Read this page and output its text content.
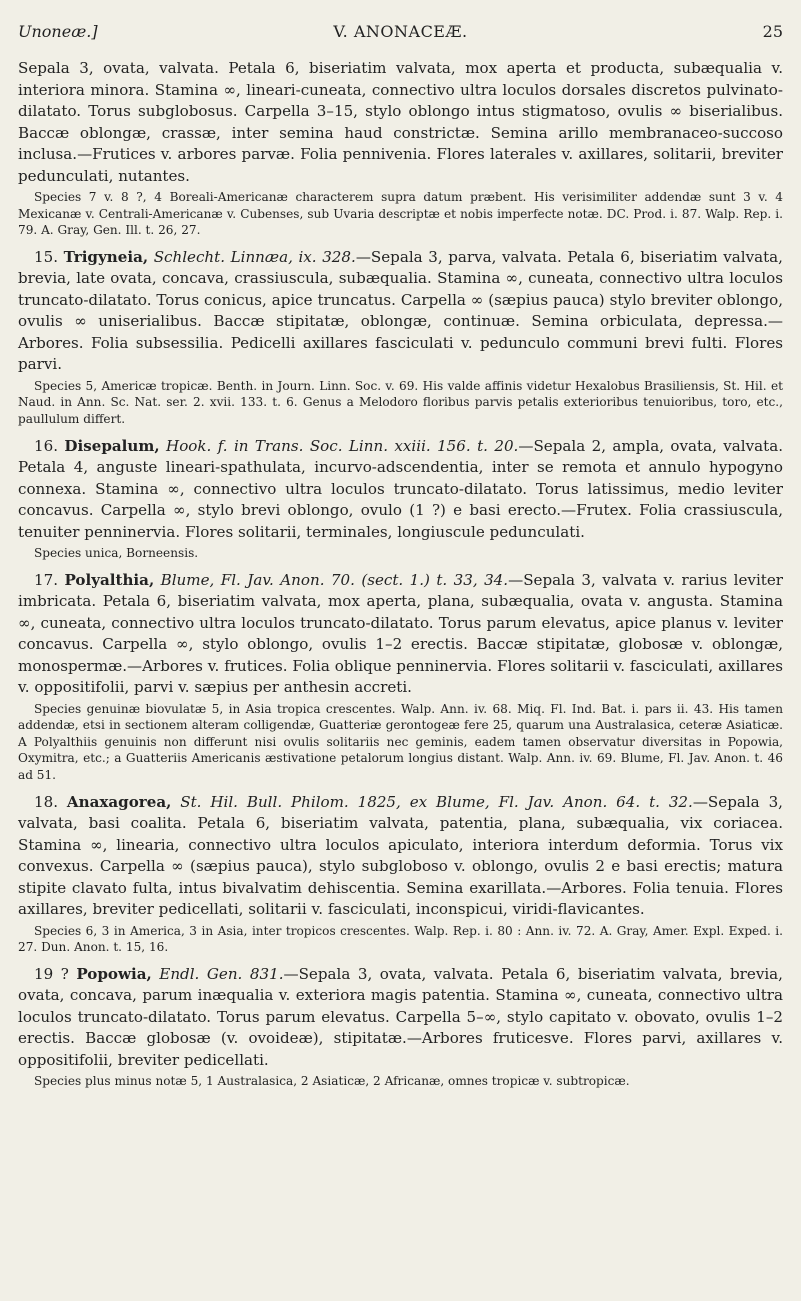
Unoneæ.]	V. ANONACEÆ.	25

Sepala 3, ovata, valvata. Petala 6, biseriatim valvata, mox aperta et producta, subæqualia v. interiora minora. Stamina ∞, lineari-cuneata, connectivo ultra loculos dorsales discretos pulvinato-dilatato. Torus subglobosus. Carpella 3–15, stylo oblongo intus stigmatoso, ovulis ∞ biserialibus. Baccæ oblongæ, crassæ, inter semina haud constrictæ. Semina arillo membranaceo-succoso inclusa.—Frutices v. arbores parvæ. Folia pennivenia. Flores laterales v. axillares, solitarii, breviter pedunculati, nutantes.

Species 7 v. 8 ?, 4 Boreali-Americanæ characterem supra datum præbent. His verisimiliter addendæ sunt 3 v. 4 Mexicanæ v. Centrali-Americanæ v. Cubenses, sub Uvaria descriptæ et nobis imperfecte notæ. DC. Prod. i. 87. Walp. Rep. i. 79. A. Gray, Gen. Ill. t. 26, 27.

15. Trigyneia, Schlecht. Linnæa, ix. 328.—Sepala 3, parva, valvata. Petala 6, biseriatim valvata, brevia, late ovata, concava, crassiuscula, subæqualia. Stamina ∞, cuneata, connectivo ultra loculos truncato-dilatato. Torus conicus, apice truncatus. Carpella ∞ (sæpius pauca) stylo breviter oblongo, ovulis ∞ uniserialibus. Baccæ stipitatæ, oblongæ, continuæ. Semina orbiculata, depressa.—Arbores. Folia subsessilia. Pedicelli axillares fasciculati v. pedunculo communi brevi fulti. Flores parvi.

Species 5, Americæ tropicæ. Benth. in Journ. Linn. Soc. v. 69. His valde affinis videtur Hexalobus Brasiliensis, St. Hil. et Naud. in Ann. Sc. Nat. ser. 2. xvii. 133. t. 6. Genus a Melodoro floribus parvis petalis exterioribus tenuioribus, toro, etc., paullulum differt.

16. Disepalum, Hook. f. in Trans. Soc. Linn. xxiii. 156. t. 20.—Sepala 2, ampla, ovata, valvata. Petala 4, anguste lineari-spathulata, incurvo-adscendentia, inter se remota et annulo hypogyno connexa. Stamina ∞, connectivo ultra loculos truncato-dilatato. Torus latissimus, medio leviter concavus. Carpella ∞, stylo brevi oblongo, ovulo (1 ?) e basi erecto.—Frutex. Folia crassiuscula, tenuiter penninervia. Flores solitarii, terminales, longiuscule pedunculati.

Species unica, Borneensis.

17. Polyalthia, Blume, Fl. Jav. Anon. 70. (sect. 1.) t. 33, 34.—Sepala 3, valvata v. rarius leviter imbricata. Petala 6, biseriatim valvata, mox aperta, plana, subæqualia, ovata v. angusta. Stamina ∞, cuneata, connectivo ultra loculos truncato-dilatato. Torus parum elevatus, apice planus v. leviter concavus. Carpella ∞, stylo oblongo, ovulis 1–2 erectis. Baccæ stipitatæ, globosæ v. oblongæ, monospermæ.—Arbores v. frutices. Folia oblique penninervia. Flores solitarii v. fasciculati, axillares v. oppositifolii, parvi v. sæpius per anthesin accreti.

Species genuinæ biovulatæ 5, in Asia tropica crescentes. Walp. Ann. iv. 68. Miq. Fl. Ind. Bat. i. pars ii. 43. His tamen addendæ, etsi in sectionem alteram colligendæ, Guatteriæ gerontogeæ fere 25, quarum una Australasica, ceteræ Asiaticæ. A Polyalthiis genuinis non differunt nisi ovulis solitariis nec geminis, eadem tamen observatur diversitas in Popowia, Oxymitra, etc.; a Guatteriis Americanis æstivatione petalorum longius distant. Walp. Ann. iv. 69. Blume, Fl. Jav. Anon. t. 46 ad 51.

18. Anaxagorea, St. Hil. Bull. Philom. 1825, ex Blume, Fl. Jav. Anon. 64. t. 32.—Sepala 3, valvata, basi coalita. Petala 6, biseriatim valvata, patentia, plana, subæqualia, vix coriacea. Stamina ∞, linearia, connectivo ultra loculos apiculato, interiora interdum deformia. Torus vix convexus. Carpella ∞ (sæpius pauca), stylo subgloboso v. oblongo, ovulis 2 e basi erectis; matura stipite clavato fulta, intus bivalvatim dehiscentia. Semina exarillata.—Arbores. Folia tenuia. Flores axillares, breviter pedicellati, solitarii v. fasciculati, inconspicui, viridi-flavicantes.

Species 6, 3 in America, 3 in Asia, inter tropicos crescentes. Walp. Rep. i. 80 : Ann. iv. 72. A. Gray, Amer. Expl. Exped. i. 27. Dun. Anon. t. 15, 16.

19 ? Popowia, Endl. Gen. 831.—Sepala 3, ovata, valvata. Petala 6, biseriatim valvata, brevia, ovata, concava, parum inæqualia v. exteriora magis patentia. Stamina ∞, cuneata, connectivo ultra loculos truncato-dilatato. Torus parum elevatus. Carpella 5–∞, stylo capitato v. obovato, ovulis 1–2 erectis. Baccæ globosæ (v. ovoideæ), stipitatæ.—Arbores fruticesve. Flores parvi, axillares v. oppositifolii, breviter pedicellati.

Species plus minus notæ 5, 1 Australasica, 2 Asiaticæ, 2 Africanæ, omnes tropicæ v. subtropicæ.
